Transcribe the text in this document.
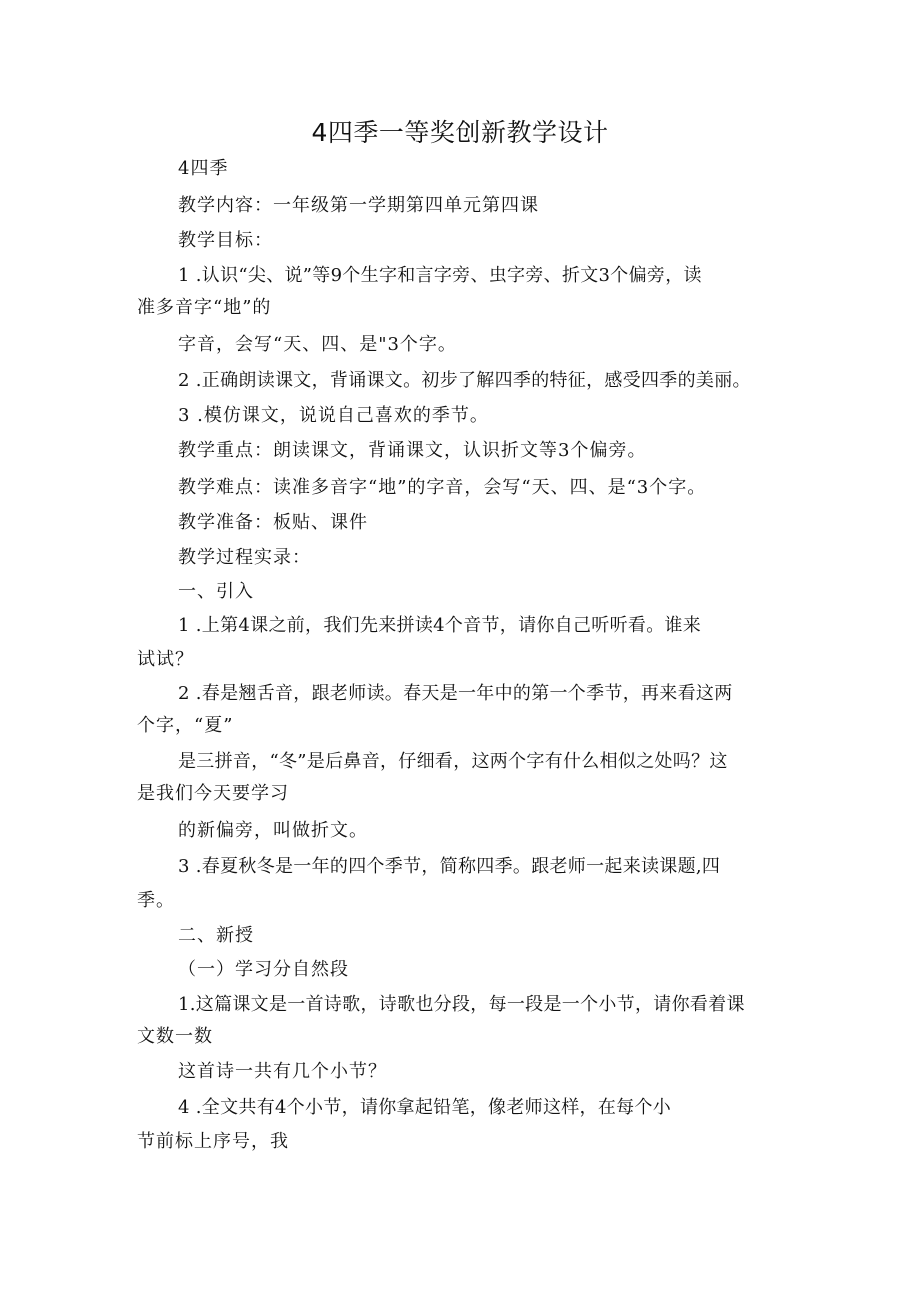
4四季一等奖创新教学设计
4四季
教学内容：一年级第一学期第四单元第四课
教学目标：
1 .认识“尖、说”等9个生字和言字旁、虫字旁、折文3个偏旁，读
准多音字“地”的
字音，会写“天、四、是"3个字。
2 .正确朗读课文，背诵课文。初步了解四季的特征，感受四季的美丽。
3 .模仿课文，说说自己喜欢的季节。
教学重点：朗读课文，背诵课文，认识折文等3个偏旁。
教学难点：读准多音字“地”的字音，会写“天、四、是“3个字。
教学准备：板贴、课件
教学过程实录：
一、引入
1 .上第4课之前，我们先来拼读4个音节，请你自己听听看。谁来
试试？
2 .春是翘舌音，跟老师读。春天是一年中的第一个季节，再来看这两
个字，“夏”
是三拼音，“冬”是后鼻音，仔细看，这两个字有什么相似之处吗？这
是我们今天要学习
的新偏旁，叫做折文。
3 .春夏秋冬是一年的四个季节，简称四季。跟老师一起来读课题,四
季。
二、新授
（一）学习分自然段
1.这篇课文是一首诗歌，诗歌也分段，每一段是一个小节，请你看着课
文数一数
这首诗一共有几个小节？
4 .全文共有4个小节，请你拿起铅笔，像老师这样，在每个小
节前标上序号，我
